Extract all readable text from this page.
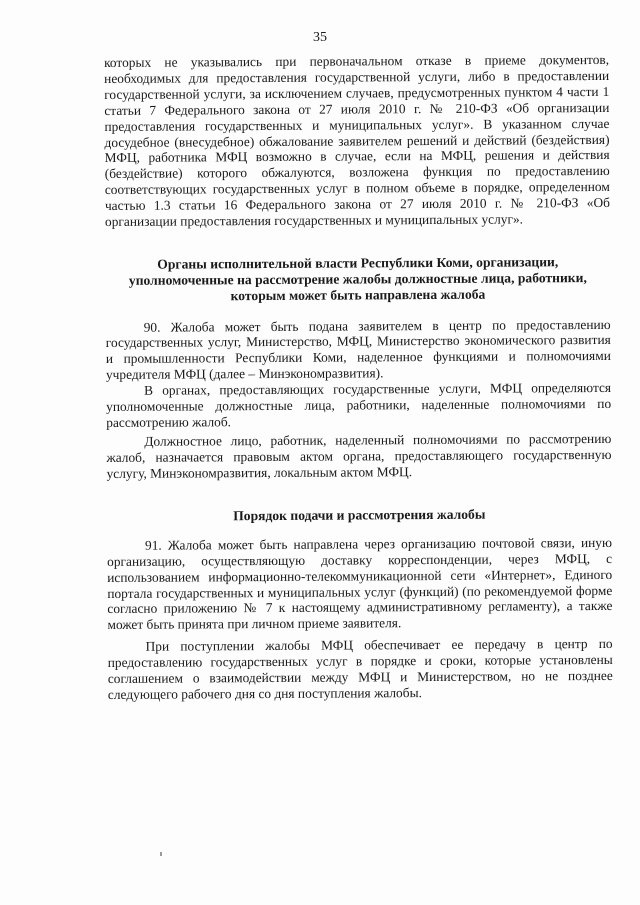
35

которых не указывались при первоначальном отказе в приеме документов, необходимых для предоставления государственной услуги, либо в предоставлении государственной услуги, за исключением случаев, предусмотренных пунктом 4 части 1 статьи 7 Федерального закона от 27 июля 2010 г. № 210-ФЗ «Об организации предоставления государственных и муниципальных услуг». В указанном случае досудебное (внесудебное) обжалование заявителем решений и действий (бездействия) МФЦ, работника МФЦ возможно в случае, если на МФЦ, решения и действия (бездействие) которого обжалуются, возложена функция по предоставлению соответствующих государственных услуг в полном объеме в порядке, определенном частью 1.3 статьи 16 Федерального закона от 27 июля 2010 г. № 210-ФЗ «Об организации предоставления государственных и муниципальных услуг».

Органы исполнительной власти Республики Коми, организации, уполномоченные на рассмотрение жалобы должностные лица, работники, которым может быть направлена жалоба

90. Жалоба может быть подана заявителем в центр по предоставлению государственных услуг, Министерство, МФЦ, Министерство экономического развития и промышленности Республики Коми, наделенное функциями и полномочиями учредителя МФЦ (далее – Минэкономразвития).

В органах, предоставляющих государственные услуги, МФЦ определяются уполномоченные должностные лица, работники, наделенные полномочиями по рассмотрению жалоб.

Должностное лицо, работник, наделенный полномочиями по рассмотрению жалоб, назначается правовым актом органа, предоставляющего государственную услугу, Минэкономразвития, локальным актом МФЦ.

Порядок подачи и рассмотрения жалобы

91. Жалоба может быть направлена через организацию почтовой связи, иную организацию, осуществляющую доставку корреспонденции, через МФЦ, с использованием информационно-телекоммуникационной сети «Интернет», Единого портала государственных и муниципальных услуг (функций) (по рекомендуемой форме согласно приложению № 7 к настоящему административному регламенту), а также может быть принята при личном приеме заявителя.

При поступлении жалобы МФЦ обеспечивает ее передачу в центр по предоставлению государственных услуг в порядке и сроки, которые установлены соглашением о взаимодействии между МФЦ и Министерством, но не позднее следующего рабочего дня со дня поступления жалобы.
